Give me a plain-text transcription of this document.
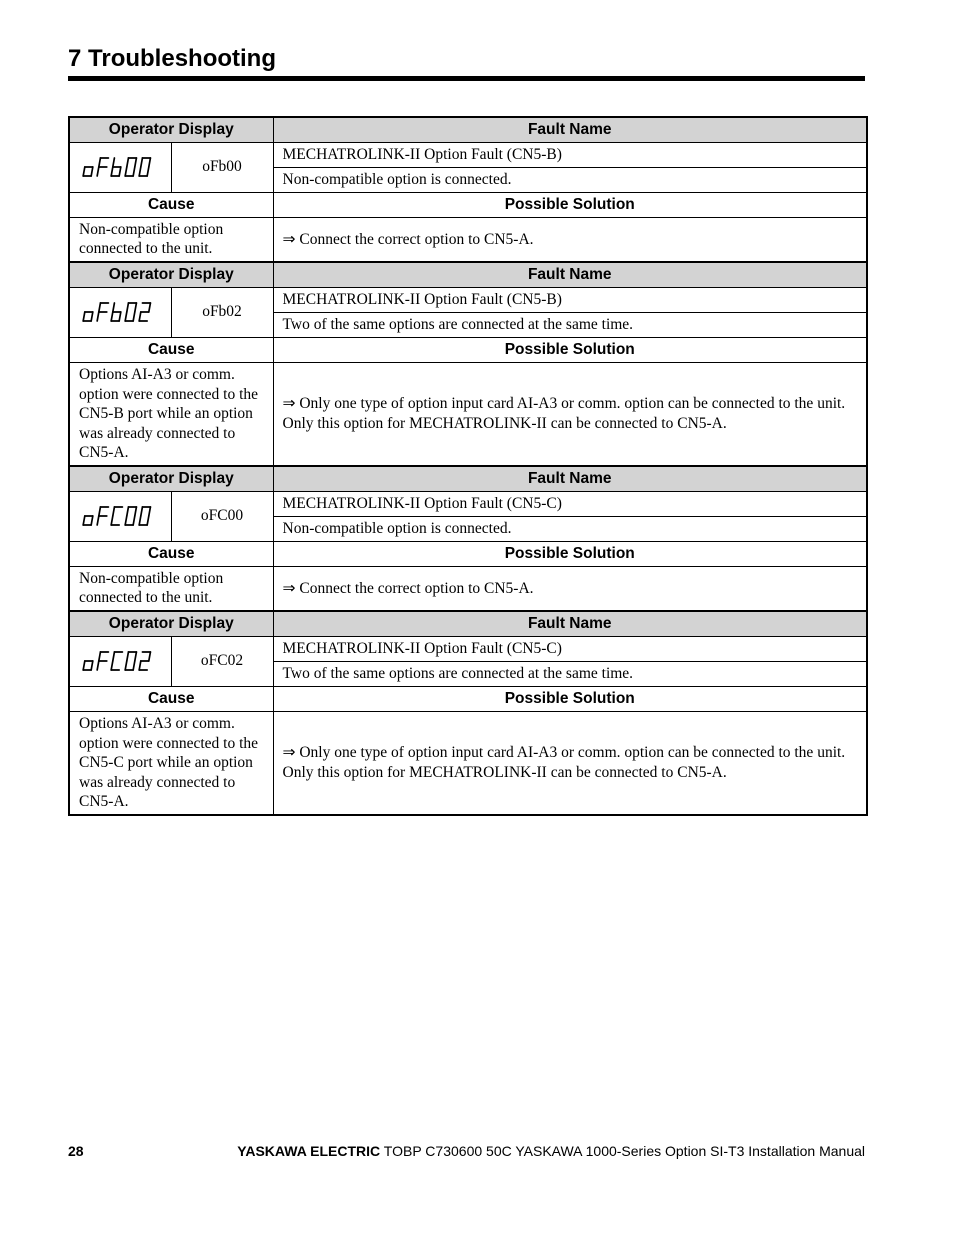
7 Troubleshooting
Operator Display		Fault Name

	oFb00	MECHATROLINK-II Option Fault (CN5-B)
		Non-compatible option is connected.
Cause		Possible Solution
Non-compatible option connected to the unit.		⇒ Connect the correct option to CN5-A.
Operator Display		Fault Name

	oFb02	MECHATROLINK-II Option Fault (CN5-B)
		Two of the same options are connected at the same time.
Cause		Possible Solution
Options AI-A3 or comm. option were connected to the CN5-B port while an option was already connected to CN5-A.		⇒ Only one type of option input card AI-A3 or comm. option can be connected to the unit. Only this option for MECHATROLINK-II can be connected to CN5-A.
Operator Display		Fault Name

	oFC00	MECHATROLINK-II Option Fault (CN5-C)
		Non-compatible option is connected.
Cause		Possible Solution
Non-compatible option connected to the unit.		⇒ Connect the correct option to CN5-A.
Operator Display		Fault Name

	oFC02	MECHATROLINK-II Option Fault (CN5-C)
		Two of the same options are connected at the same time.
Cause		Possible Solution
Options AI-A3 or comm. option were connected to the CN5-C port while an option was already connected to CN5-A.		⇒ Only one type of option input card AI-A3 or comm. option can be connected to the unit. Only this option for MECHATROLINK-II can be connected to CN5-A.
28	YASKAWA ELECTRIC TOBP C730600 50C YASKAWA 1000-Series Option SI-T3 Installation Manual
